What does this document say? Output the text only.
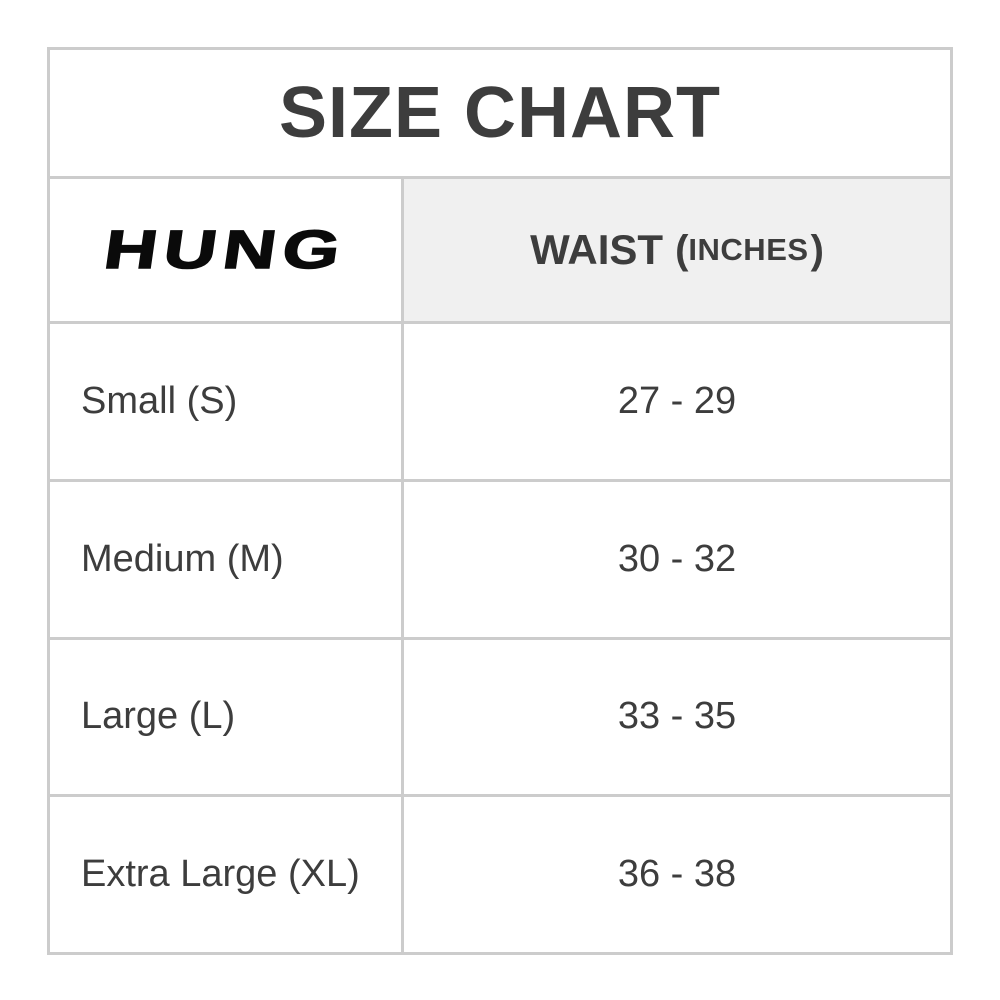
SIZE CHART
HUNG	WAIST ( INCHES )
Small (S)	27 - 29
Medium (M)	30 - 32
Large (L)	33 - 35
Extra Large (XL)	36 - 38
